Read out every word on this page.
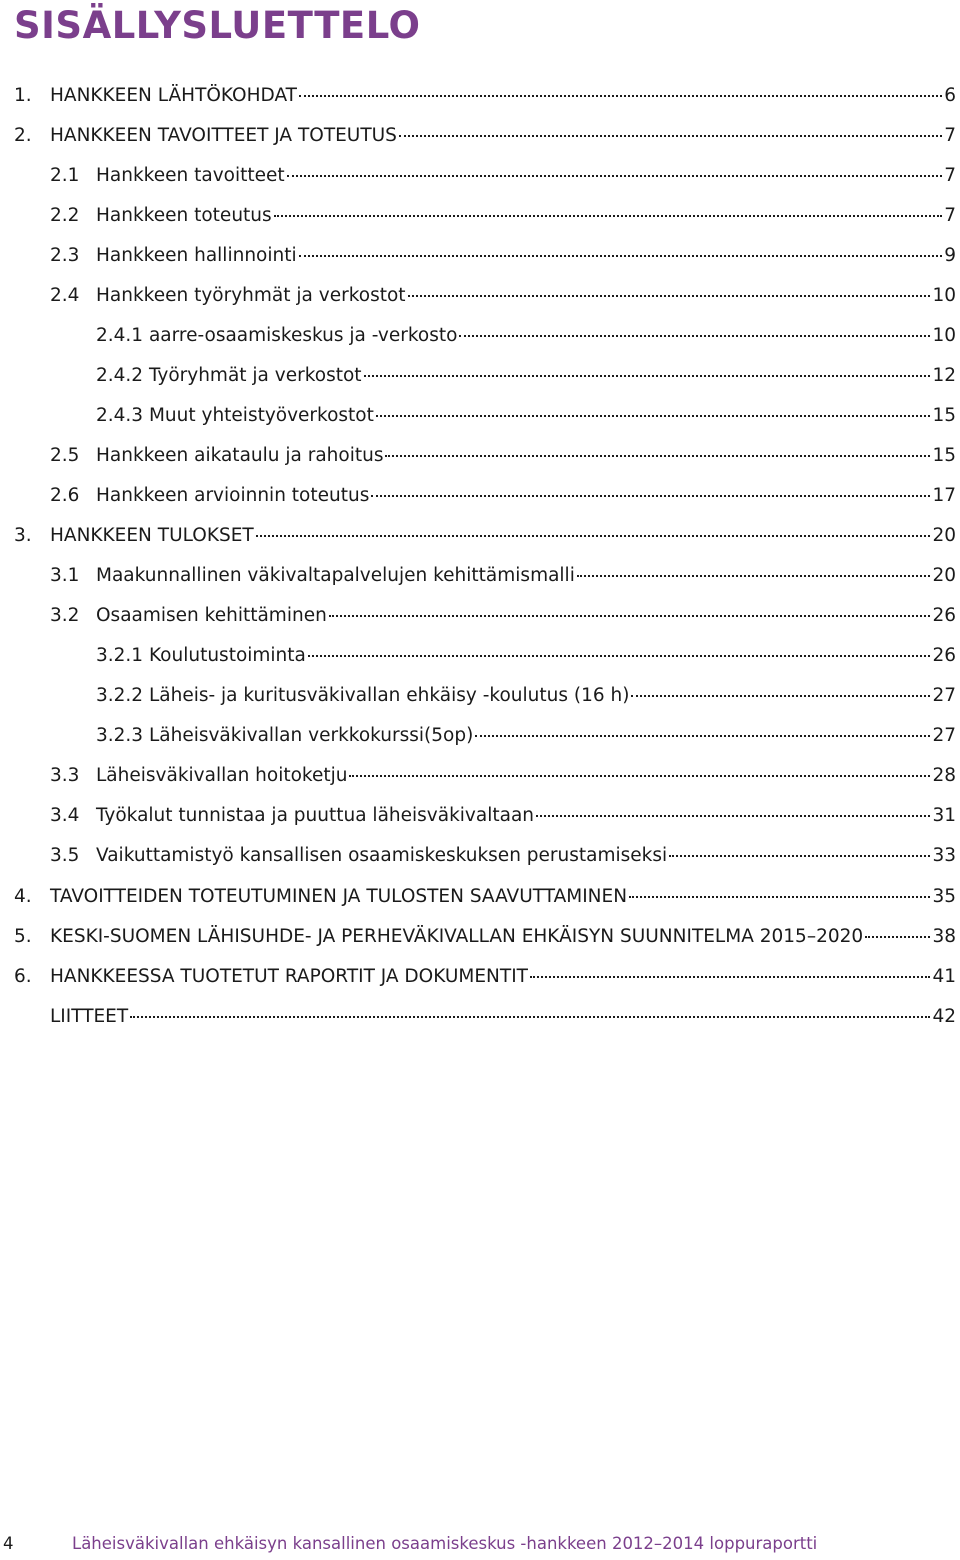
SISÄLLYSLUETTELO
1. HANKKEEN LÄHTÖKOHDAT	6
2. HANKKEEN TAVOITTEET JA TOTEUTUS	7
2.1 Hankkeen tavoitteet	7
2.2 Hankkeen toteutus	7
2.3 Hankkeen hallinnointi	9
2.4 Hankkeen työryhmät ja verkostot	10
2.4.1 aarre-osaamiskeskus ja -verkosto	10
2.4.2 Työryhmät ja verkostot	12
2.4.3 Muut yhteistyöverkostot	15
2.5 Hankkeen aikataulu ja rahoitus	15
2.6 Hankkeen arvioinnin toteutus	17
3. HANKKEEN TULOKSET	20
3.1 Maakunnallinen väkivaltapalvelujen kehittämismalli	20
3.2 Osaamisen kehittäminen	26
3.2.1 Koulutustoiminta	26
3.2.2 Läheis- ja kuritusväkivallan ehkäisy -koulutus (16 h)	27
3.2.3 Läheisväkivallan verkkokurssi(5op)	27
3.3 Läheisväkivallan hoitoketju	28
3.4 Työkalut tunnistaa ja puuttua läheisväkivaltaan	31
3.5 Vaikuttamistyö kansallisen osaamiskeskuksen perustamiseksi	33
4. TAVOITTEIDEN TOTEUTUMINEN JA TULOSTEN SAAVUTTAMINEN	35
5. KESKI-SUOMEN LÄHISUHDE- JA PERHEVÄKIVALLAN EHKÄISYN SUUNNITELMA 2015–2020	38
6. HANKKEESSA TUOTETUT RAPORTIT JA DOKUMENTIT	41
LIITTEET	42
4	Läheisväkivallan ehkäisyn kansallinen osaamiskeskus -hankkeen 2012–2014 loppuraportti
